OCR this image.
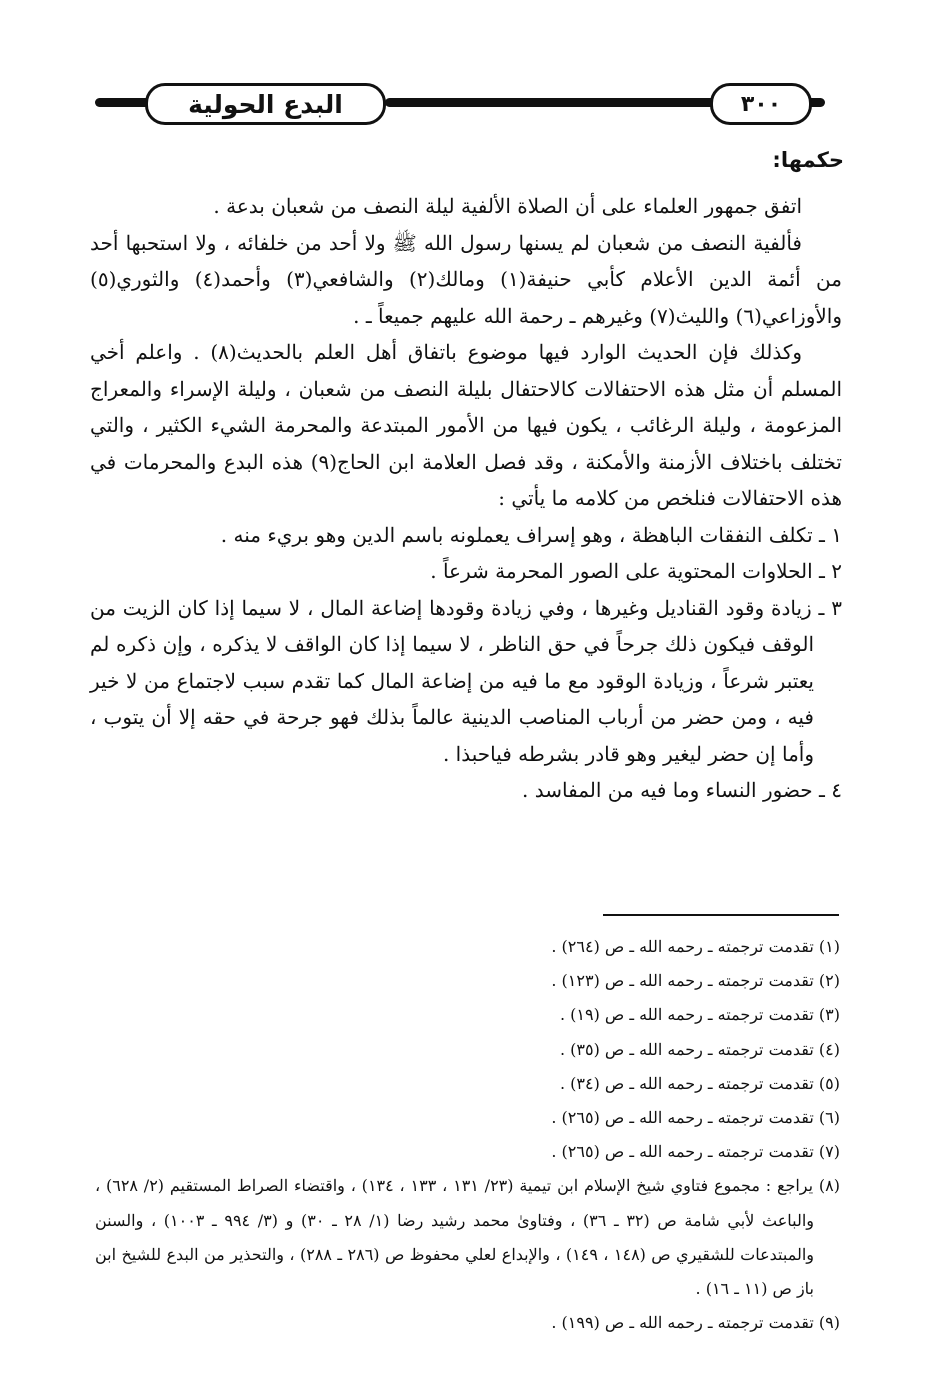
البدع الحولية	٣٠٠
حكمها:

اتفق جمهور العلماء على أن الصلاة الألفية ليلة النصف من شعبان بدعة .

فألفية النصف من شعبان لم يسنها رسول الله ﷺ ولا أحد من خلفائه ، ولا استحبها أحد من أئمة الدين الأعلام كأبي حنيفة(١) ومالك(٢) والشافعي(٣) وأحمد(٤) والثوري(٥) والأوزاعي(٦) والليث(٧) وغيرهم ـ رحمة الله عليهم جميعاً ـ .

وكذلك فإن الحديث الوارد فيها موضوع باتفاق أهل العلم بالحديث(٨) . واعلم أخي المسلم أن مثل هذه الاحتفالات كالاحتفال بليلة النصف من شعبان ، وليلة الإسراء والمعراج المزعومة ، وليلة الرغائب ، يكون فيها من الأمور المبتدعة والمحرمة الشيء الكثير ، والتي تختلف باختلاف الأزمنة والأمكنة ، وقد فصل العلامة ابن الحاج(٩) هذه البدع والمحرمات في هذه الاحتفالات فنلخص من كلامه ما يأتي :

١ ـ تكلف النفقات الباهظة ، وهو إسراف يعملونه باسم الدين وهو بريء منه .

٢ ـ الحلاوات المحتوية على الصور المحرمة شرعاً .

٣ ـ زيادة وقود القناديل وغيرها ، وفي زيادة وقودها إضاعة المال ، لا سيما إذا كان الزيت من الوقف فيكون ذلك جرحاً في حق الناظر ، لا سيما إذا كان الواقف لا يذكره ، وإن ذكره لم يعتبر شرعاً ، وزيادة الوقود مع ما فيه من إضاعة المال كما تقدم سبب لاجتماع من لا خير فيه ، ومن حضر من أرباب المناصب الدينية عالماً بذلك فهو جرحة في حقه إلا أن يتوب ، وأما إن حضر ليغير وهو قادر بشرطه فياحبذا .

٤ ـ حضور النساء وما فيه من المفاسد .

(١) تقدمت ترجمته ـ رحمه الله ـ ص (٢٦٤) .

(٢) تقدمت ترجمته ـ رحمه الله ـ ص (١٢٣) .

(٣) تقدمت ترجمته ـ رحمه الله ـ ص (١٩) .

(٤) تقدمت ترجمته ـ رحمه الله ـ ص (٣٥) .

(٥) تقدمت ترجمته ـ رحمه الله ـ ص (٣٤) .

(٦) تقدمت ترجمته ـ رحمه الله ـ ص (٢٦٥) .

(٧) تقدمت ترجمته ـ رحمه الله ـ ص (٢٦٥) .

(٨) يراجع : مجموع فتاوي شيخ الإسلام ابن تيمية (٢٣/ ١٣١ ، ١٣٣ ، ١٣٤) ، واقتضاء الصراط المستقيم (٢/ ٦٢٨) ، والباعث لأبي شامة ص (٣٢ ـ ٣٦) ، وفتاوىٰ محمد رشيد رضا (١/ ٢٨ ـ ٣٠) و (٣/ ٩٩٤ ـ ١٠٠٣) ، والسنن والمبتدعات للشقيري ص (١٤٨ ، ١٤٩) ، والإبداع لعلي محفوظ ص (٢٨٦ ـ ٢٨٨) ، والتحذير من البدع للشيخ ابن باز ص (١١ ـ ١٦) .

(٩) تقدمت ترجمته ـ رحمه الله ـ ص (١٩٩) .
